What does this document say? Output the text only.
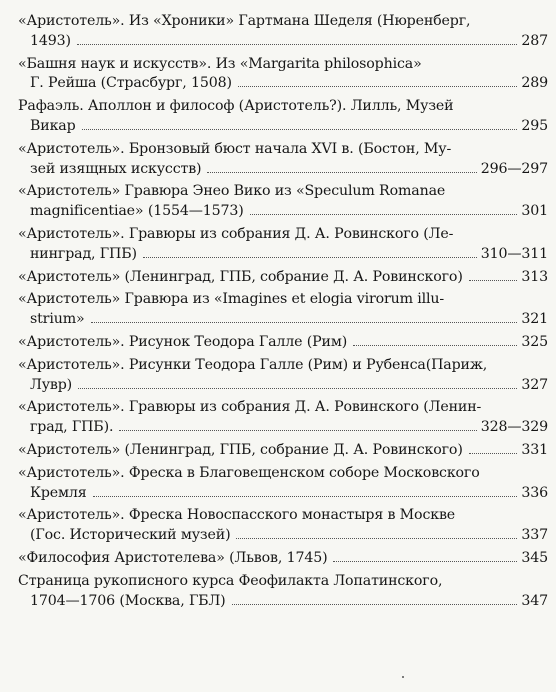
«Аристотель». Из «Хроники» Гартмана Шеделя (Нюренберг,
1493)	287
«Башня наук и искусств». Из «Margarita philosophica»
Г. Рейша (Страсбург, 1508)	289
Рафаэль. Аполлон и философ (Аристотель?). Лилль, Музей
Викар	295
«Аристотель». Бронзовый бюст начала XVI в. (Бостон, Му-
зей изящных искусств)	296—297
«Аристотель» Гравюра Энео Вико из «Speculum Romanae
magnificentiae» (1554—1573)	301
«Аристотель». Гравюры из собрания Д. А. Ровинского (Ле-
нинград, ГПБ)	310—311
«Аристотель» (Ленинград, ГПБ, собрание Д. А. Ровинского)	313
«Аристотель» Гравюра из «Imagines et elogia virorum illu-
strium»	321
«Аристотель». Рисунок Теодора Галле (Рим)	325
«Аристотель». Рисунки Теодора Галле (Рим) и Рубенса(Париж,
Лувр)	327
«Аристотель». Гравюры из собрания Д. А. Ровинского (Ленин-
град, ГПБ).	328—329
«Аристотель» (Ленинград, ГПБ, собрание Д. А. Ровинского)	331
«Аристотель». Фреска в Благовещенском соборе Московского
Кремля	336
«Аристотель». Фреска Новоспасского монастыря в Москве
(Гос. Исторический музей)	337
«Философия Аристотелева» (Львов, 1745)	345
Страница рукописного курса Феофилакта Лопатинского,
1704—1706 (Москва, ГБЛ)	347
